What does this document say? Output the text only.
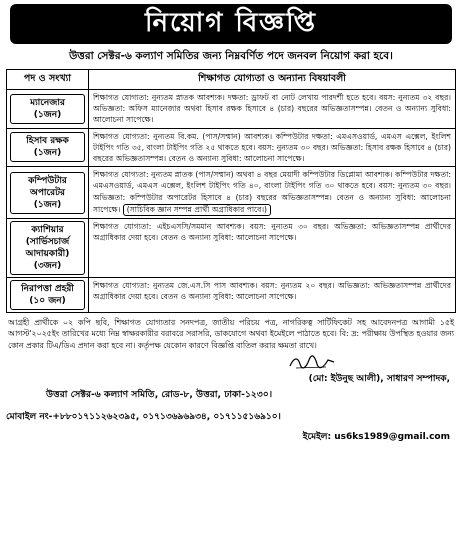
নিয়োগ বিজ্ঞপ্তি
উত্তরা সেক্টর-৬ কল্যাণ সমিতির জন্য নিম্নবর্ণিত পদে জনবল নিয়োগ করা হবে।
পদ ও সংখ্যা	শিক্ষাগত যোগ্যতা ও অন্যান্য বিষয়াবলী

ম্যানেজার
(১জন)	শিক্ষাগত যোগ্যতা: নুন্যতম স্নাতক আবশ্যক। দক্ষতা: ড্রাফট বা নোট লেখায় পারদর্শী হতে হবে। বয়স: নুন্যতম ৩২ বছর। অভিজ্ঞতা: অফিস ম্যানেজার অথবা হিসাব রক্ষক হিসাবে ৪ (চার) বছরের অভিজ্ঞতাসম্পন্ন। বেতন ও অন্যান্য সুবিধা: আলোচনা সাপেক্ষে।

হিসাব রক্ষক
(১জন)	শিক্ষাগত যোগ্যতা: নুন্যতম বি.কম. (পাস/সম্মান) আবশ্যক। কম্পিউটার দক্ষতা: এমএসওয়ার্ড, এমএস এক্সেল, ইংলিশ টাইপিং গতি ৩৫, বাংলা টাইপিং গতি ২৫ থাকতে হবে। বয়স: নুন্যতম ৩০ বছর। অভিজ্ঞতা: হিসাব রক্ষক হিসাবে ৪ (চার) বছরের অভিজ্ঞতাসম্পন্ন। বেতন ও অন্যান্য সুবিধা: আলোচনা সাপেক্ষে।

কম্পিউটার অপারেটর
(১জন)	শিক্ষাগত যোগ্যতা: নুন্যতম স্নাতক (পাস/সম্মান) অথবা ৪ বছর মেয়াদী কম্পিউটার ডিপ্লোমা আবশ্যক। কম্পিউটার দক্ষতা: এমএসওয়ার্ড, এমএস এক্সেল, ইংলিশ টাইপিং গতি ৪০, বাংলা টাইপিং গতি ৩০ থাকতে হবে। বয়স: নুন্যতম ৩০ বছর। অভিজ্ঞতা: কম্পিউটার অপারেটর হিসাবে ৪ (চার) বছরের অভিজ্ঞতাসম্পন্ন। বেতন ও অন্যান্য সুবিধা: আলোচনা সাপেক্ষে। (সাচিবিক জ্ঞান সম্পন্ন প্রার্থী অগ্রাধিকার পাবে।)

ক্যাশিয়ার (সার্ভিসচার্জ আদায়কারী)
(৩জন)	শিক্ষাগত যোগ্যতা: এইচএসসি/সমমান আবশ্যক। বয়স: নুন্যতম ৩০ বছর। অভিজ্ঞতা: অভিজ্ঞতাসম্পন্ন প্রার্থীদের অগ্রাধিকার দেয়া হবে। বেতন ও অন্যান্য সুবিধা: আলোচনা সাপেক্ষে।

নিরাপত্তা প্রহরী
(১০ জন)	শিক্ষাগত যোগ্যতা: নুন্যতম জে.এস.সি পাস আবশ্যক। বয়স: নুন্যতম ২০ বছর। অভিজ্ঞতা: অভিজ্ঞতাসম্পন্ন প্রার্থীদের অগ্রাধিকার দেয়া হবে। বেতন ও অন্যান্য সুবিধা: আলোচনা সাপেক্ষে।
আগ্রহী প্রার্থীকে ০২ কপি ছবি, শিক্ষাগত যোগ্যতার সনদপত্র, জাতীয় পরিচয় পত্র, নাগরিকত্ব সার্টিফিকেট সহ আবেদনপত্র আগামী ১৫ই আগস্ট'২০২৫ইং তারিখের মধ্যে নিম্ন স্বাক্ষরকারীর বরাবরে সরাসরি, ডাকযোগে অথবা ইমেইলে পাঠাতে হবে। বি: দ্র: পরীক্ষায় উপস্থিত হওয়ার জন্য কোন প্রকার টিএ/ডিএ প্রদান করা হবে না। কর্তৃপক্ষ যেকোন কারণে বিজ্ঞপ্তি বাতিল করার ক্ষমতা রাখে।
(মো: ইউনুছ আলী), সাধারণ সম্পাদক,
উত্তরা সেক্টর-৬ কল্যাণ সমিতি, রোড-৮, উত্তরা, ঢাকা-১২৩০।
মোবাইল নং-+৮৮০১৭১১২৬২৩৯৫, ০১৭১৩৬৯৬৯৩৪, ০১৭১১৫১৬৯১০।
ইমেইল: us6ks1989@gmail.com
